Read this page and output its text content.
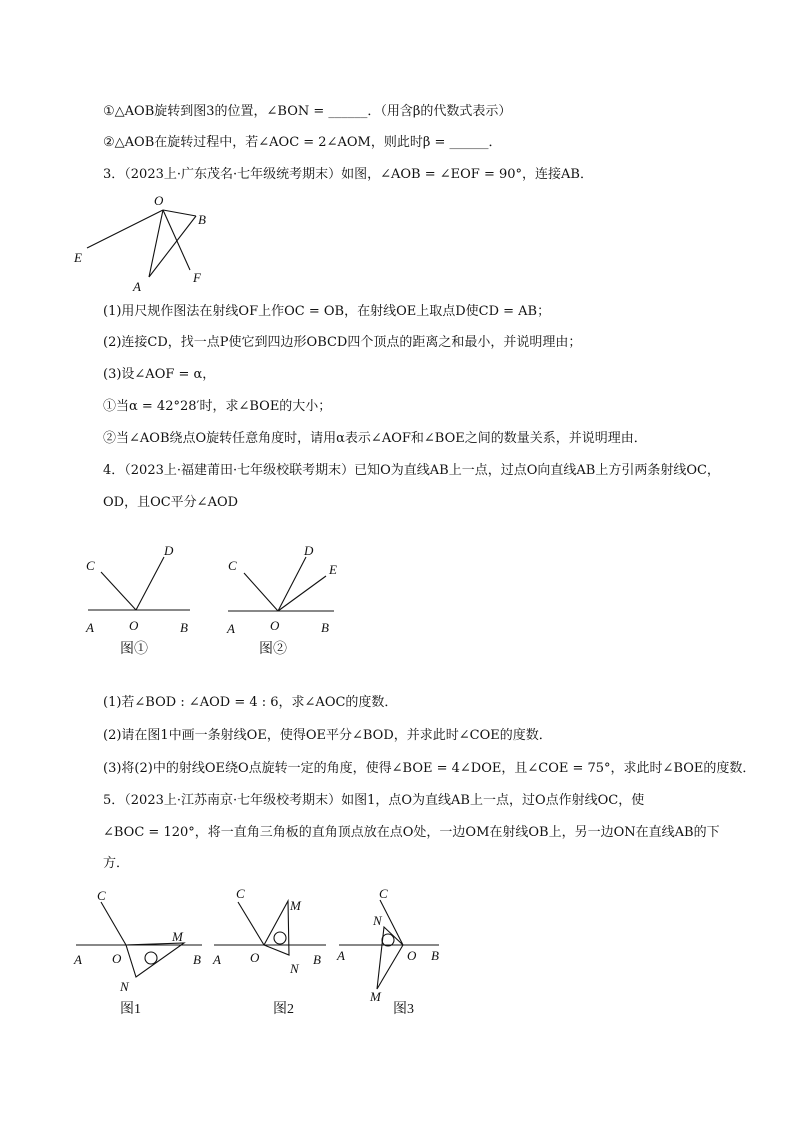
①△AOB旋转到图3的位置，∠BON = ______．（用含β的代数式表示）
②△AOB在旋转过程中，若∠AOC = 2∠AOM，则此时β = ______．
3．（2023上·广东茂名·七年级统考期末）如图，∠AOB = ∠EOF = 90°，连接AB．
O
B
E
A
F
(1)用尺规作图法在射线OF上作OC = OB，在射线OE上取点D使CD = AB；
(2)连接CD，找一点P使它到四边形OBCD四个顶点的距离之和最小，并说明理由；
(3)设∠AOF = α，
①当α = 42°28′时，求∠BOE的大小；
②当∠AOB绕点O旋转任意角度时，请用α表示∠AOF和∠BOE之间的数量关系，并说明理由．
4．（2023上·福建莆田·七年级校联考期末）已知O为直线AB上一点，过点O向直线AB上方引两条射线OC，
OD，且OC平分∠AOD
C
D
A	O	B
图①
C
D
E
A	O	B
图②
(1)若∠BOD : ∠AOD = 4 : 6，求∠AOC的度数．
(2)请在图1中画一条射线OE，使得OE平分∠BOD，并求此时∠COE的度数．
(3)将(2)中的射线OE绕O点旋转一定的角度，使得∠BOE = 4∠DOE，且∠COE = 75°，求此时∠BOE的度数．
5．（2023上·江苏南京·七年级校考期末）如图1，点O为直线AB上一点，过O点作射线OC，使
∠BOC = 120°，将一直角三角板的直角顶点放在点O处，一边OM在射线OB上，另一边ON在直线AB的下
方．
C
A O
M
B
N
图1
C
M
A O	B
N
图2
C
N
A	O B
M
图3
